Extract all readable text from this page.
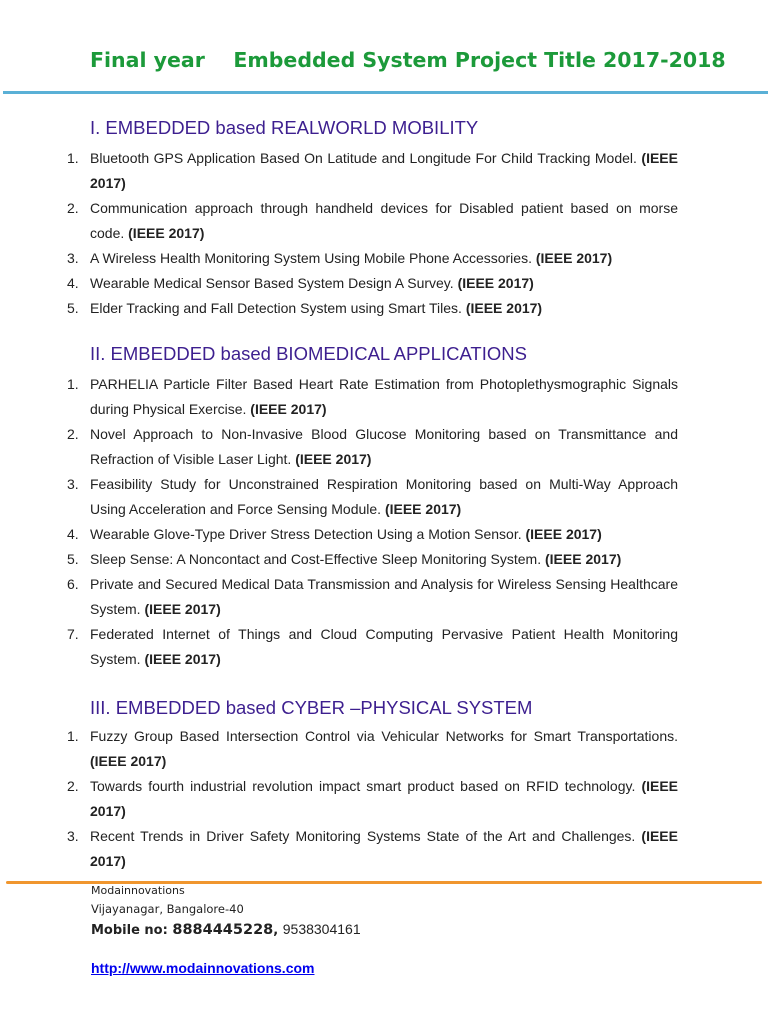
Final year    Embedded System Project Title 2017-2018
I. EMBEDDED based REALWORLD MOBILITY
1. Bluetooth GPS Application Based On Latitude and Longitude For Child Tracking Model. (IEEE 2017)
2. Communication approach through handheld devices for Disabled patient based on morse code. (IEEE 2017)
3. A Wireless Health Monitoring System Using Mobile Phone Accessories. (IEEE 2017)
4. Wearable Medical Sensor Based System Design A Survey. (IEEE 2017)
5. Elder Tracking and Fall Detection System using Smart Tiles. (IEEE 2017)
II. EMBEDDED based BIOMEDICAL APPLICATIONS
1. PARHELIA Particle Filter Based Heart Rate Estimation from Photoplethysmographic Signals during Physical Exercise. (IEEE 2017)
2. Novel Approach to Non-Invasive Blood Glucose Monitoring based on Transmittance and Refraction of Visible Laser Light. (IEEE 2017)
3. Feasibility Study for Unconstrained Respiration Monitoring based on Multi-Way Approach Using Acceleration and Force Sensing Module. (IEEE 2017)
4. Wearable Glove-Type Driver Stress Detection Using a Motion Sensor. (IEEE 2017)
5. Sleep Sense: A Noncontact and Cost-Effective Sleep Monitoring System. (IEEE 2017)
6. Private and Secured Medical Data Transmission and Analysis for Wireless Sensing Healthcare System. (IEEE 2017)
7. Federated Internet of Things and Cloud Computing Pervasive Patient Health Monitoring System. (IEEE 2017)
III. EMBEDDED based CYBER –PHYSICAL SYSTEM
1. Fuzzy Group Based Intersection Control via Vehicular Networks for Smart Transportations. (IEEE 2017)
2. Towards fourth industrial revolution impact smart product based on RFID technology. (IEEE 2017)
3. Recent Trends in Driver Safety Monitoring Systems State of the Art and Challenges. (IEEE 2017)
Modainnovations
Vijayanagar, Bangalore-40
Mobile no: 8884445228, 9538304161
http://www.modainnovations.com
